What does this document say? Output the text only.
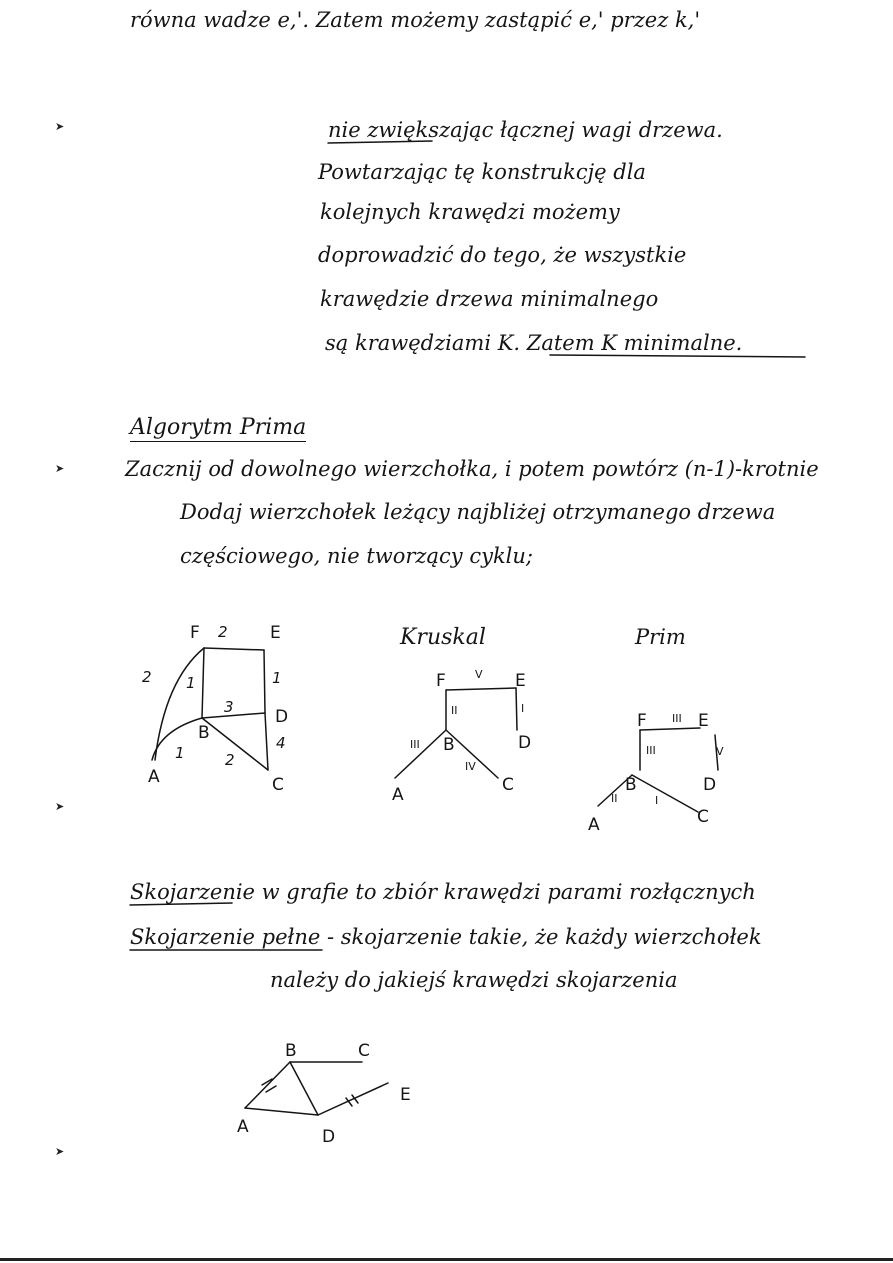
równa wadze e,'. Zatem możemy zastąpić e,' przez k,'
➤	nie zwiększając łącznej wagi drzewa.
Powtarzając tę konstrukcję dla
kolejnych krawędzi możemy
doprowadzić do tego, że wszystkie
krawędzie drzewa minimalnego
są krawędziami K. Zatem K minimalne.
Algorytm Prima
➤	Zacznij od dowolnego wierzchołka, i potem powtórz (n-1)-krotnie
Dodaj wierzchołek leżący najbliżej otrzymanego drzewa
częściowego, nie tworzący cyklu;
Kruskal	Prim
➤
Skojarzenie w grafie to zbiór krawędzi parami rozłącznych
Skojarzenie pełne - skojarzenie takie, że każdy wierzchołek
należy do jakiejś krawędzi skojarzenia
➤
F	E
D
B
A	C
2
2 1	1
3
4
1	2
F	E
B	D
A	C
V
I
II
III
IV
F	E
B	D
A	C
III
V
III
II	I
B	C
E
A	D
